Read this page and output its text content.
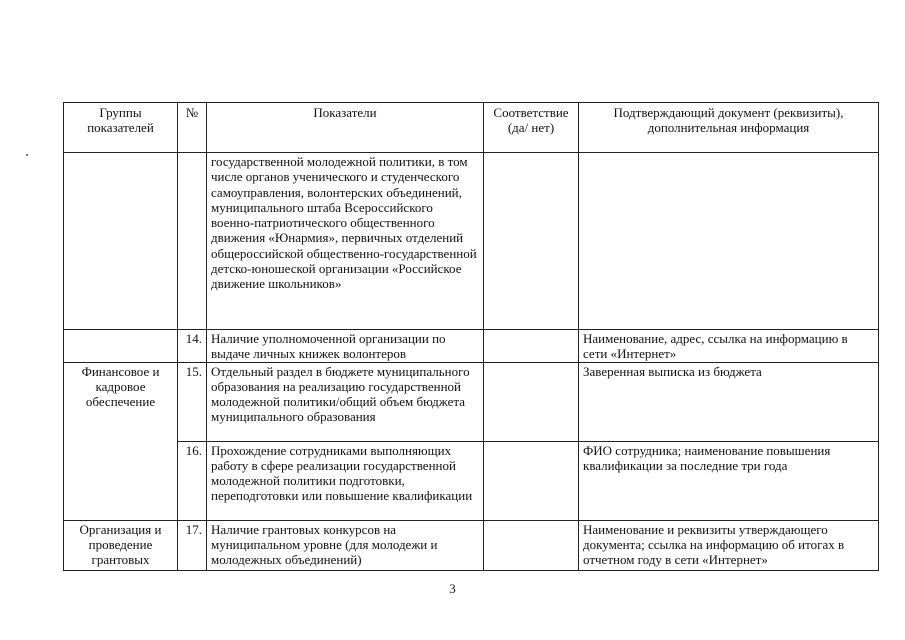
Группы показателей	№	Показатели	Соответствие (да/ нет)	Подтверждающий документ (реквизиты), дополнительная информация
		государственной молодежной политики, в том числе органов ученического и студенческого самоуправления, волонтерских объединений, муниципального штаба Всероссийского военно-патриотического общественного движения «Юнармия», первичных отделений общероссийской общественно-государственной детско-юношеской организации «Российское движение школьников»		
	14.	Наличие уполномоченной организации по выдаче личных книжек волонтеров		Наименование, адрес, ссылка на информацию в сети «Интернет»
Финансовое и кадровое обеспечение	15.	Отдельный раздел в бюджете муниципального образования на реализацию государственной молодежной политики/общий объем бюджета муниципального образования		Заверенная выписка из бюджета
	16.	Прохождение сотрудниками выполняющих работу в сфере реализации государственной молодежной политики подготовки, переподготовки или повышение квалификации		ФИО сотрудника; наименование повышения квалификации за последние три года
Организация и проведение грантовых	17.	Наличие грантовых конкурсов на муниципальном уровне (для молодежи и молодежных объединений)		Наименование и реквизиты утверждающего документа; ссылка на информацию об итогах в отчетном году в сети «Интернет»
3
